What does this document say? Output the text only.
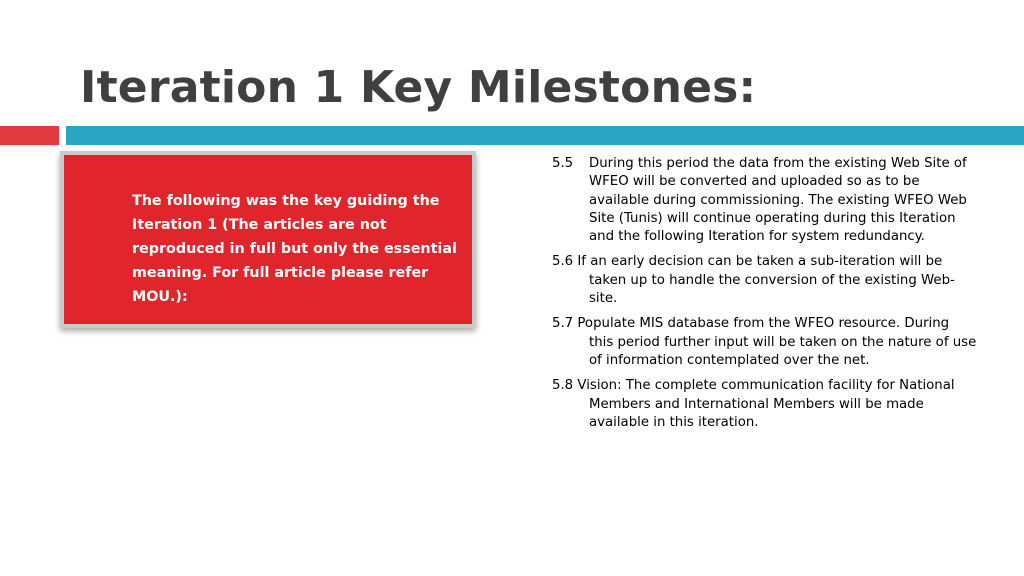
Iteration 1 Key Milestones:

The following was the key guiding the Iteration 1 (The articles are not reproduced in full but only the essential meaning. For full article please refer MOU.):

5.5 During this period the data from the existing Web Site of WFEO will be converted and uploaded so as to be available during commissioning. The existing WFEO Web Site (Tunis) will continue operating during this Iteration and the following Iteration for system redundancy.
5.6 If an early decision can be taken a sub-iteration will be taken up to handle the conversion of the existing Web-site.
5.7 Populate MIS database from the WFEO resource. During this period further input will be taken on the nature of use of information contemplated over the net.
5.8 Vision: The complete communication facility for National Members and International Members will be made available in this iteration.
